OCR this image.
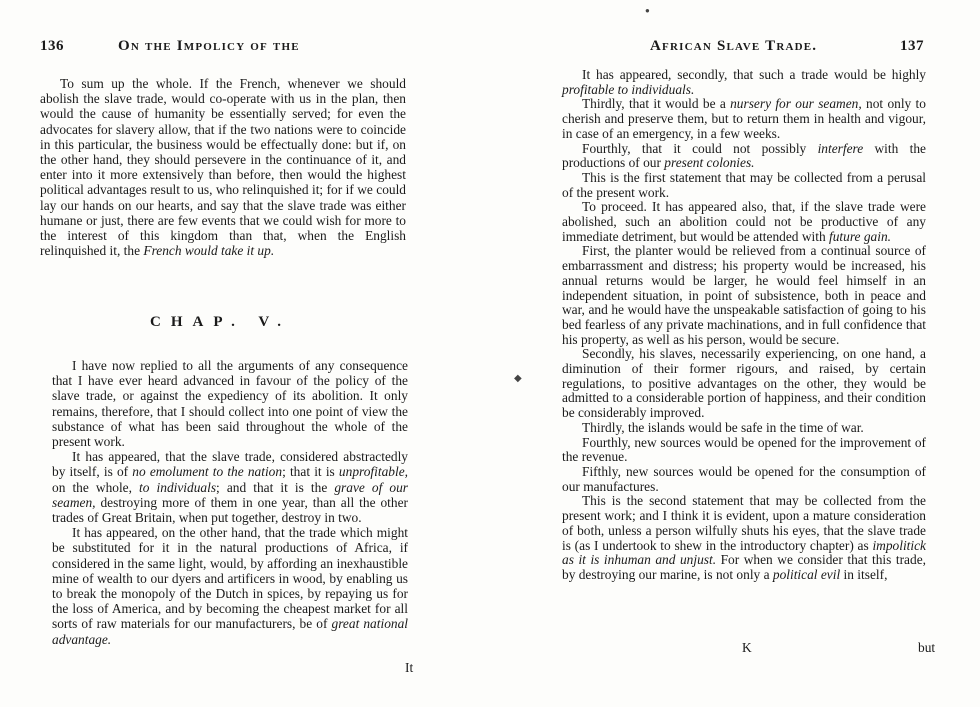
●
136	On the Impolicy of the

To sum up the whole. If the French, whenever we should abolish the slave trade, would co-operate with us in the plan, then would the cause of humanity be essentially served; for even the advocates for slavery allow, that if the two nations were to coincide in this particular, the business would be effectually done: but if, on the other hand, they should persevere in the continuance of it, and enter into it more extensively than before, then would the highest political advantages result to us, who relinquished it; for if we could lay our hands on our hearts, and say that the slave trade was either humane or just, there are few events that we could wish for more to the interest of this kingdom than that, when the English relinquished it, the French would take it up.

CHAP. V.

I have now replied to all the arguments of any consequence that I have ever heard advanced in favour of the policy of the slave trade, or against the expediency of its abolition. It only remains, therefore, that I should collect into one point of view the substance of what has been said throughout the whole of the present work.

It has appeared, that the slave trade, considered abstractedly by itself, is of no emolument to the nation; that it is unprofitable, on the whole, to individuals; and that it is the grave of our seamen, destroying more of them in one year, than all the other trades of Great Britain, when put together, destroy in two.

It has appeared, on the other hand, that the trade which might be substituted for it in the natural productions of Africa, if considered in the same light, would, by affording an inexhaustible mine of wealth to our dyers and artificers in wood, by enabling us to break the monopoly of the Dutch in spices, by repaying us for the loss of America, and by becoming the cheapest market for all sorts of raw materials for our manufacturers, be of great national advantage.

It
◆
African Slave Trade.	137

It has appeared, secondly, that such a trade would be highly profitable to individuals.

Thirdly, that it would be a nursery for our seamen, not only to cherish and preserve them, but to return them in health and vigour, in case of an emergency, in a few weeks.

Fourthly, that it could not possibly interfere with the productions of our present colonies.

This is the first statement that may be collected from a perusal of the present work.

To proceed. It has appeared also, that, if the slave trade were abolished, such an abolition could not be productive of any immediate detriment, but would be attended with future gain.

First, the planter would be relieved from a continual source of embarrassment and distress; his property would be increased, his annual returns would be larger, he would feel himself in an independent situation, in point of subsistence, both in peace and war, and he would have the unspeakable satisfaction of going to his bed fearless of any private machinations, and in full confidence that his property, as well as his person, would be secure.

Secondly, his slaves, necessarily experiencing, on one hand, a diminution of their former rigours, and raised, by certain regulations, to positive advantages on the other, they would be admitted to a considerable portion of happiness, and their condition be considerably improved.

Thirdly, the islands would be safe in the time of war.

Fourthly, new sources would be opened for the improvement of the revenue.

Fifthly, new sources would be opened for the consumption of our manufactures.

This is the second statement that may be collected from the present work; and I think it is evident, upon a mature consideration of both, unless a person wilfully shuts his eyes, that the slave trade is (as I undertook to shew in the introductory chapter) as impolitick as it is inhuman and unjust. For when we consider that this trade, by destroying our marine, is not only a political evil in itself,

K	but
